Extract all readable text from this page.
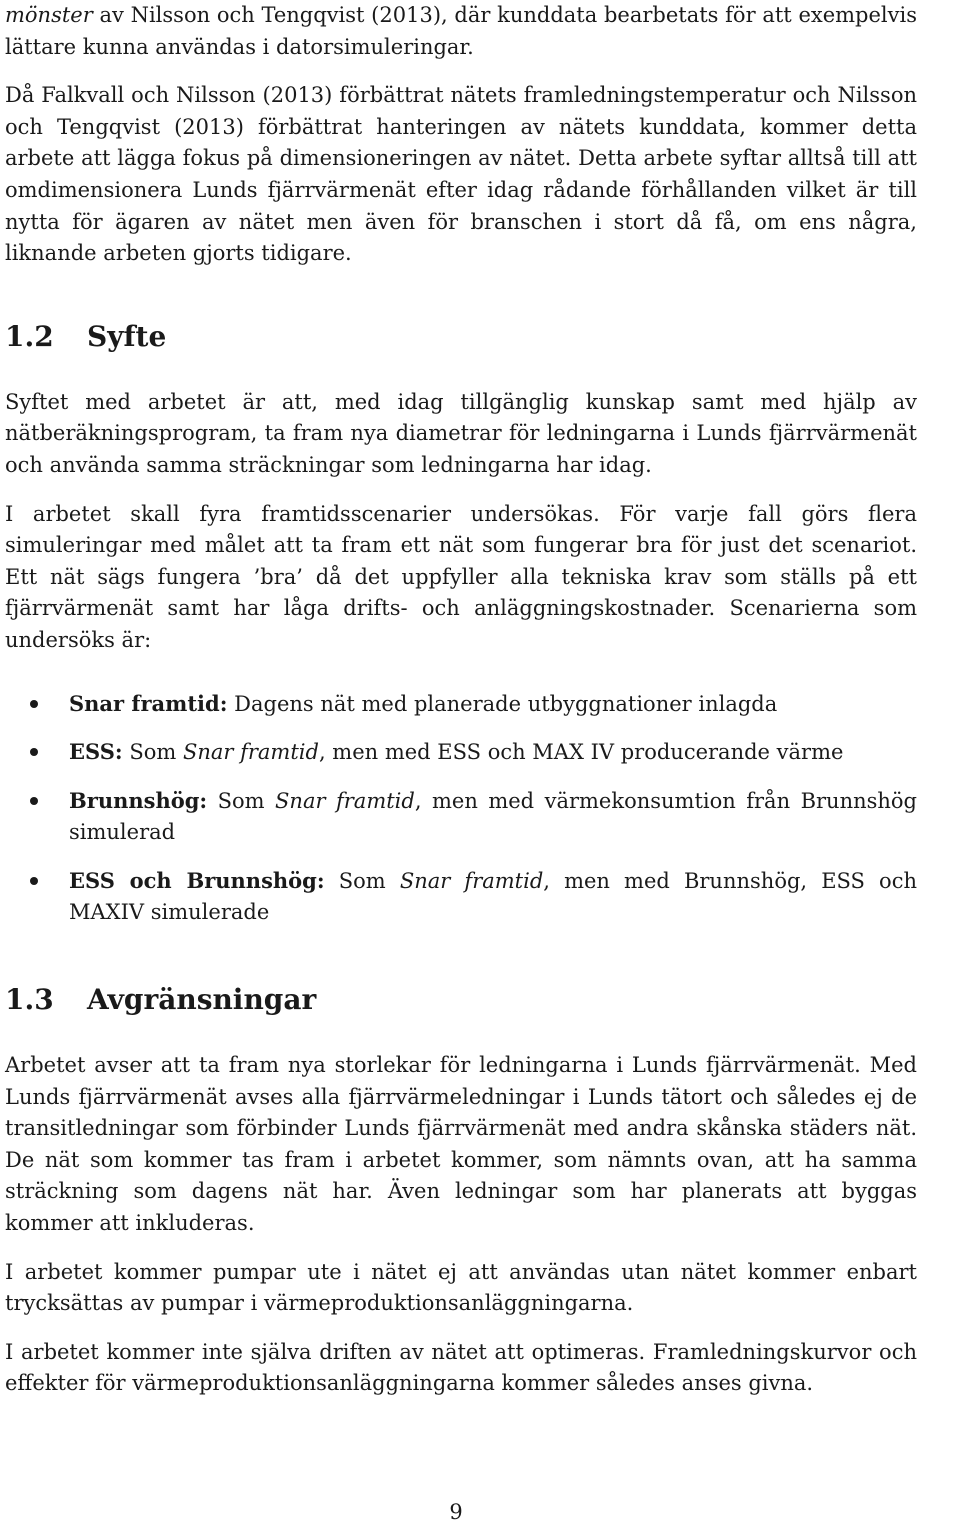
mönster av Nilsson och Tengqvist (2013), där kunddata bearbetats för att exempelvis lättare kunna användas i datorsimuleringar.

Då Falkvall och Nilsson (2013) förbättrat nätets framledningstemperatur och Nilsson och Tengqvist (2013) förbättrat hanteringen av nätets kunddata, kommer detta arbete att lägga fokus på dimensioneringen av nätet. Detta arbete syftar alltså till att omdimensionera Lunds fjärrvärmenät efter idag rådande förhållanden vilket är till nytta för ägaren av nätet men även för branschen i stort då få, om ens några, liknande arbeten gjorts tidigare.

1.2	Syfte

Syftet med arbetet är att, med idag tillgänglig kunskap samt med hjälp av nätberäkningsprogram, ta fram nya diametrar för ledningarna i Lunds fjärrvärmenät och använda samma sträckningar som ledningarna har idag.

I arbetet skall fyra framtidsscenarier undersökas. För varje fall görs flera simuleringar med målet att ta fram ett nät som fungerar bra för just det scenariot. Ett nät sägs fungera ’bra’ då det uppfyller alla tekniska krav som ställs på ett fjärrvärmenät samt har låga drifts- och anläggningskostnader. Scenarierna som undersöks är:

Snar framtid: Dagens nät med planerade utbyggnationer inlagda
ESS: Som Snar framtid, men med ESS och MAX IV producerande värme
Brunnshög: Som Snar framtid, men med värmekonsumtion från Brunnshög simulerad
ESS och Brunnshög: Som Snar framtid, men med Brunnshög, ESS och MAXIV simulerade
1.3	Avgränsningar

Arbetet avser att ta fram nya storlekar för ledningarna i Lunds fjärrvärmenät. Med Lunds fjärrvärmenät avses alla fjärrvärmeledningar i Lunds tätort och således ej de transitledningar som förbinder Lunds fjärrvärmenät med andra skånska städers nät. De nät som kommer tas fram i arbetet kommer, som nämnts ovan, att ha samma sträckning som dagens nät har. Även ledningar som har planerats att byggas kommer att inkluderas.

I arbetet kommer pumpar ute i nätet ej att användas utan nätet kommer enbart trycksättas av pumpar i värmeproduktionsanläggningarna.

I arbetet kommer inte själva driften av nätet att optimeras. Framledningskurvor och effekter för värmeproduktionsanläggningarna kommer således anses givna.

9
